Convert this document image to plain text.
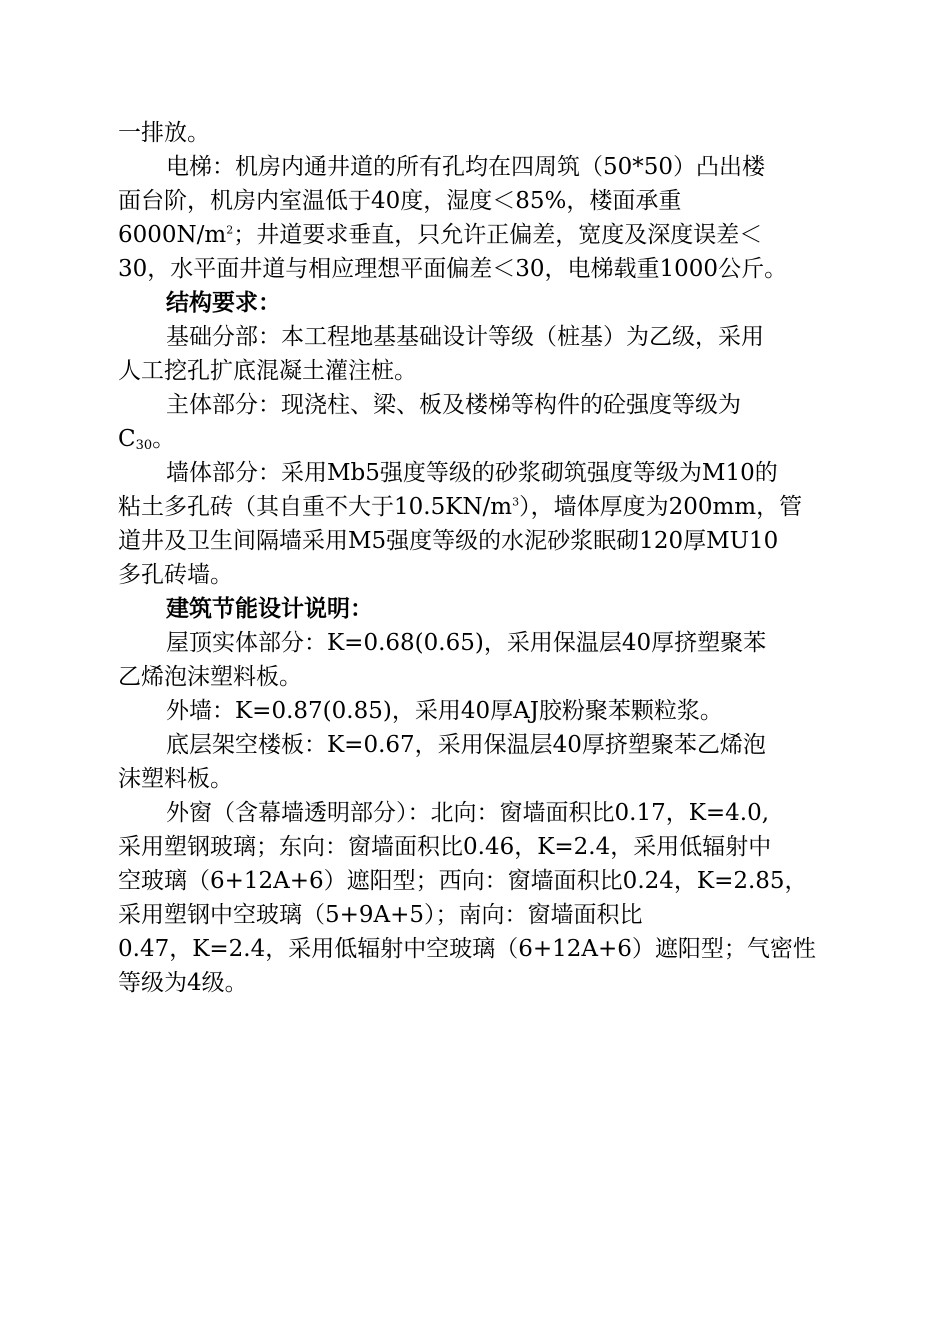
一排放。
电梯：机房内通井道的所有孔均在四周筑（50*50）凸出楼
面台阶，机房内室温低于40度，湿度＜85%，楼面承重
$6000N/m^2$；井道要求垂直，只允许正偏差，宽度及深度误差＜
30，水平面井道与相应理想平面偏差＜30，电梯载重1000公斤。
结构要求：
基础分部：本工程地基基础设计等级（桩基）为乙级，采用
人工挖孔扩底混凝土灌注桩。
主体部分：现浇柱、梁、板及楼梯等构件的砼强度等级为
$C_{30}$。
墙体部分：采用Mb5强度等级的砂浆砌筑强度等级为M10的
粘土多孔砖（其自重不大于$10.5KN/m^3$），墙体厚度为200mm，管
道井及卫生间隔墙采用M5强度等级的水泥砂浆眠砌120厚MU10
多孔砖墙。
建筑节能设计说明：
屋顶实体部分：K=0.68(0.65)，采用保温层40厚挤塑聚苯
乙烯泡沫塑料板。
外墙：K=0.87(0.85)，采用40厚AJ胶粉聚苯颗粒浆。
底层架空楼板：K=0.67，采用保温层40厚挤塑聚苯乙烯泡
沫塑料板。
外窗（含幕墙透明部分）：北向：窗墙面积比0.17，K=4.0,
采用塑钢玻璃；东向：窗墙面积比0.46，K=2.4，采用低辐射中
空玻璃（6+12A+6）遮阳型；西向：窗墙面积比0.24，K=2.85，
采用塑钢中空玻璃（5+9A+5）；南向：窗墙面积比
0.47，K=2.4，采用低辐射中空玻璃（6+12A+6）遮阳型；气密性
等级为4级。
